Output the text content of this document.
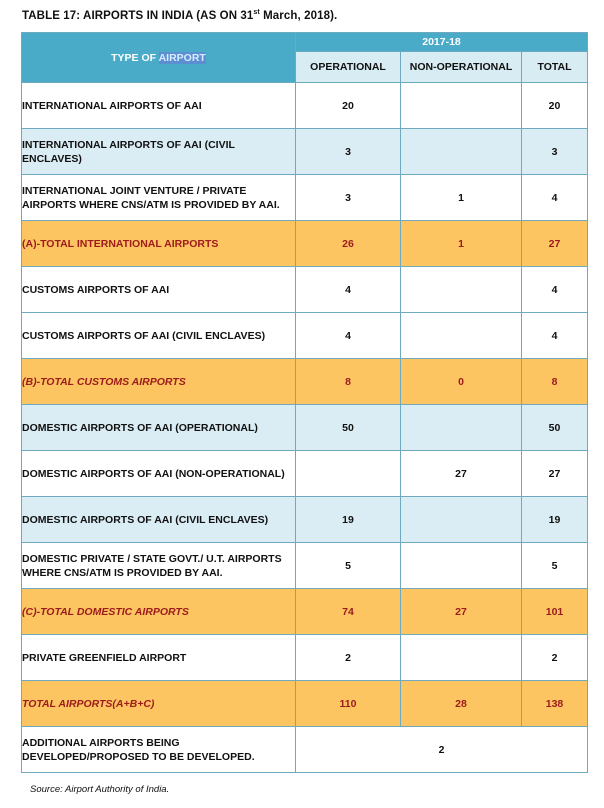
TABLE 17: AIRPORTS IN INDIA (AS ON 31st March, 2018).
TYPE OF AIRPORT	2017-18		
	OPERATIONAL	NON-OPERATIONAL	TOTAL
INTERNATIONAL AIRPORTS OF AAI	20		20
INTERNATIONAL AIRPORTS OF AAI (CIVIL ENCLAVES)	3		3
INTERNATIONAL JOINT VENTURE / PRIVATE AIRPORTS WHERE CNS/ATM IS PROVIDED BY AAI.	3	1	4
(A)-TOTAL INTERNATIONAL AIRPORTS	26	1	27
CUSTOMS AIRPORTS OF AAI	4		4
CUSTOMS AIRPORTS OF AAI (CIVIL ENCLAVES)	4		4
(B)-TOTAL CUSTOMS AIRPORTS	8	0	8
DOMESTIC AIRPORTS OF AAI (OPERATIONAL)	50		50
DOMESTIC AIRPORTS OF AAI (NON-OPERATIONAL)		27	27
DOMESTIC AIRPORTS OF AAI (CIVIL ENCLAVES)	19		19
DOMESTIC PRIVATE / STATE GOVT./ U.T. AIRPORTS WHERE CNS/ATM IS PROVIDED BY AAI.	5		5
(C)-TOTAL DOMESTIC AIRPORTS	74	27	101
PRIVATE GREENFIELD AIRPORT	2		2
TOTAL AIRPORTS(A+B+C)	110	28	138
ADDITIONAL AIRPORTS BEING DEVELOPED/PROPOSED TO BE DEVELOPED.	2		
Source: Airport Authority of India.
